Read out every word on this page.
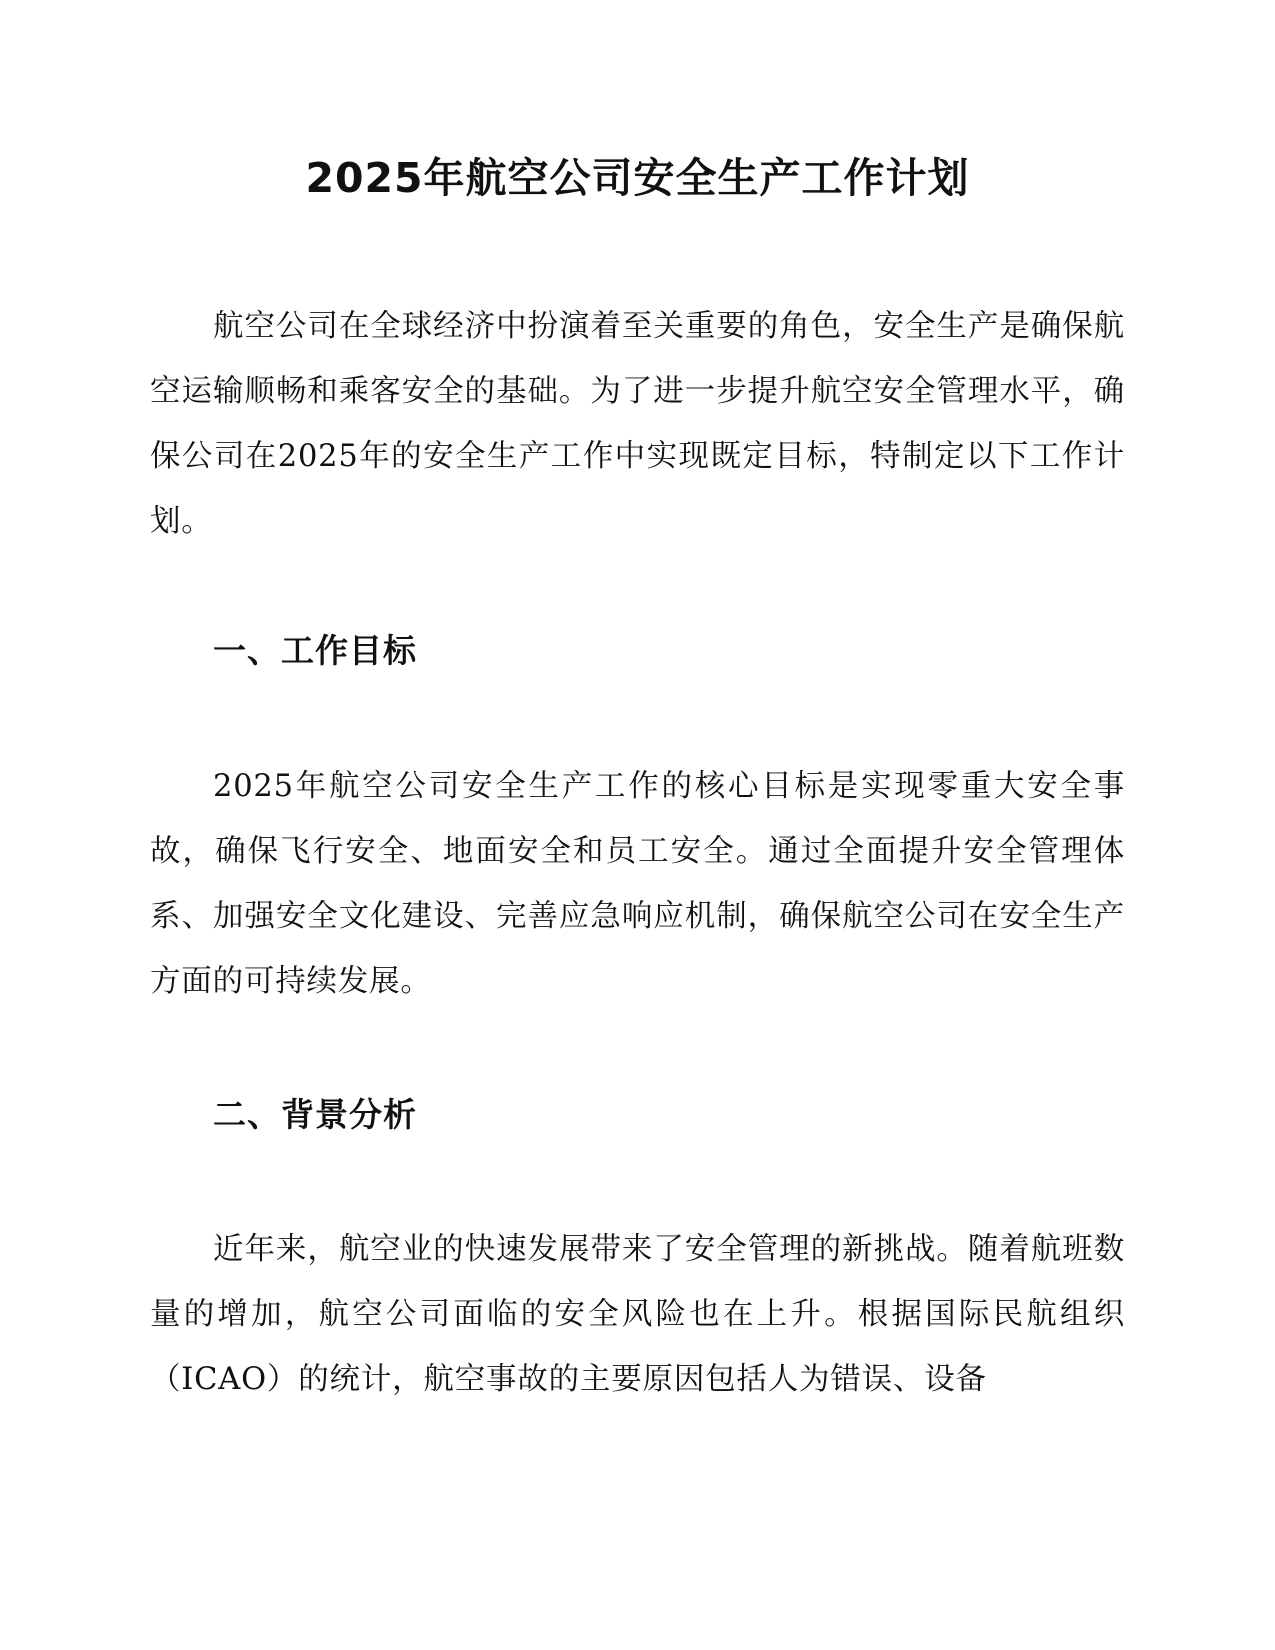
2025年航空公司安全生产工作计划

航空公司在全球经济中扮演着至关重要的角色，安全生产是确保航空运输顺畅和乘客安全的基础。为了进一步提升航空安全管理水平，确保公司在2025年的安全生产工作中实现既定目标，特制定以下工作计划。

一、工作目标

2025年航空公司安全生产工作的核心目标是实现零重大安全事故，确保飞行安全、地面安全和员工安全。通过全面提升安全管理体系、加强安全文化建设、完善应急响应机制，确保航空公司在安全生产方面的可持续发展。

二、背景分析

近年来，航空业的快速发展带来了安全管理的新挑战。随着航班数量的增加，航空公司面临的安全风险也在上升。根据国际民航组织（ICAO）的统计，航空事故的主要原因包括人为错误、设备
